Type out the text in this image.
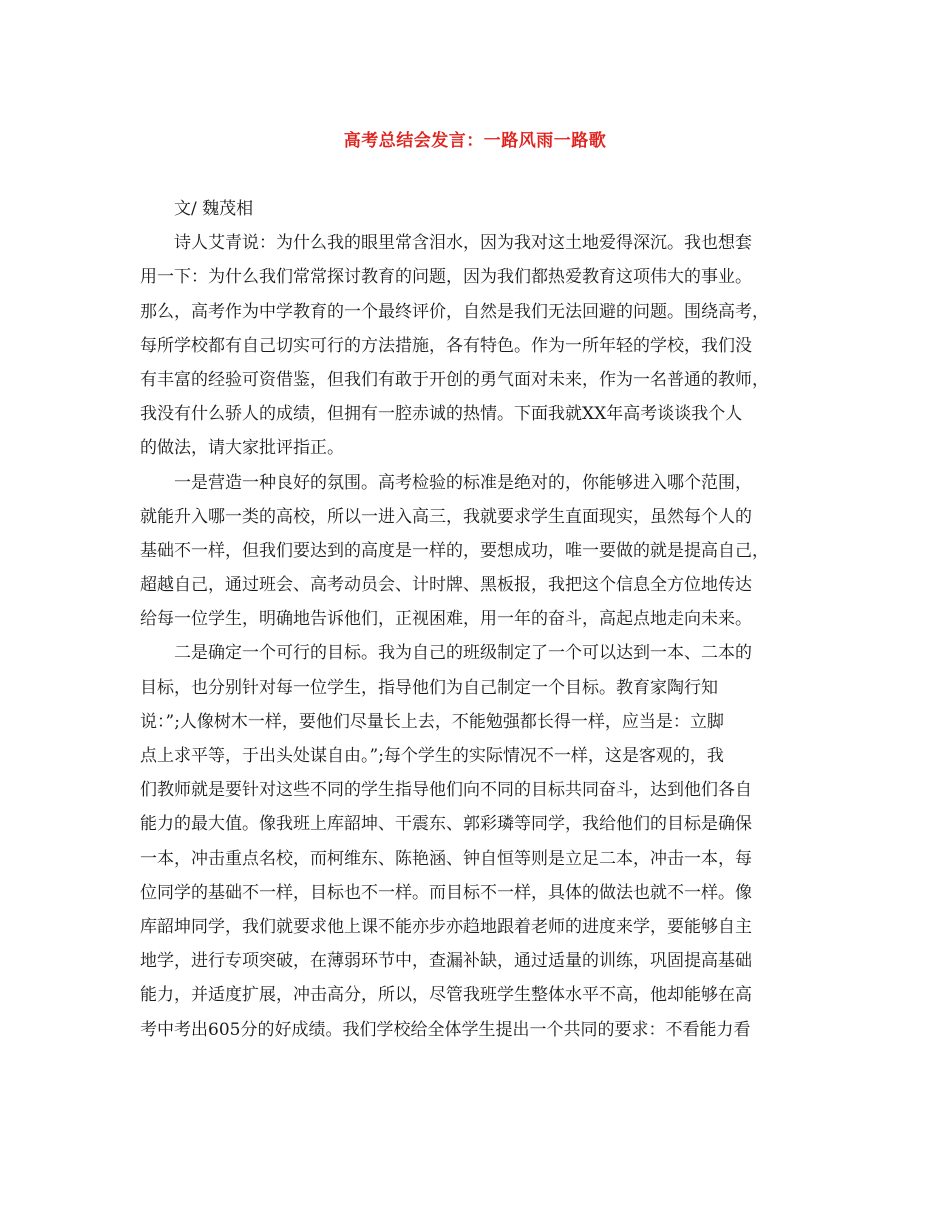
高考总结会发言：一路风雨一路歌
文/ 魏茂相
诗人艾青说：为什么我的眼里常含泪水，因为我对这土地爱得深沉。我也想套
用一下：为什么我们常常探讨教育的问题，因为我们都热爱教育这项伟大的事业。
那么，高考作为中学教育的一个最终评价，自然是我们无法回避的问题。围绕高考，
每所学校都有自己切实可行的方法措施，各有特色。作为一所年轻的学校，我们没
有丰富的经验可资借鉴，但我们有敢于开创的勇气面对未来，作为一名普通的教师，
我没有什么骄人的成绩，但拥有一腔赤诚的热情。下面我就XX年高考谈谈我个人
的做法，请大家批评指正。
一是营造一种良好的氛围。高考检验的标准是绝对的，你能够进入哪个范围，
就能升入哪一类的高校，所以一进入高三，我就要求学生直面现实，虽然每个人的
基础不一样，但我们要达到的高度是一样的，要想成功，唯一要做的就是提高自己，
超越自己，通过班会、高考动员会、计时牌、黑板报，我把这个信息全方位地传达
给每一位学生，明确地告诉他们，正视困难，用一年的奋斗，高起点地走向未来。
二是确定一个可行的目标。我为自己的班级制定了一个可以达到一本、二本的
目标，也分别针对每一位学生，指导他们为自己制定一个目标。教育家陶行知
说：”;人像树木一样，要他们尽量长上去，不能勉强都长得一样，应当是：立脚
点上求平等，于出头处谋自由。”;每个学生的实际情况不一样，这是客观的，我
们教师就是要针对这些不同的学生指导他们向不同的目标共同奋斗，达到他们各自
能力的最大值。像我班上库韶坤、干震东、郭彩璘等同学，我给他们的目标是确保
一本，冲击重点名校，而柯维东、陈艳涵、钟自恒等则是立足二本，冲击一本，每
位同学的基础不一样，目标也不一样。而目标不一样，具体的做法也就不一样。像
库韶坤同学，我们就要求他上课不能亦步亦趋地跟着老师的进度来学，要能够自主
地学，进行专项突破，在薄弱环节中，查漏补缺，通过适量的训练，巩固提高基础
能力，并适度扩展，冲击高分，所以，尽管我班学生整体水平不高，他却能够在高
考中考出605分的好成绩。我们学校给全体学生提出一个共同的要求：不看能力看
